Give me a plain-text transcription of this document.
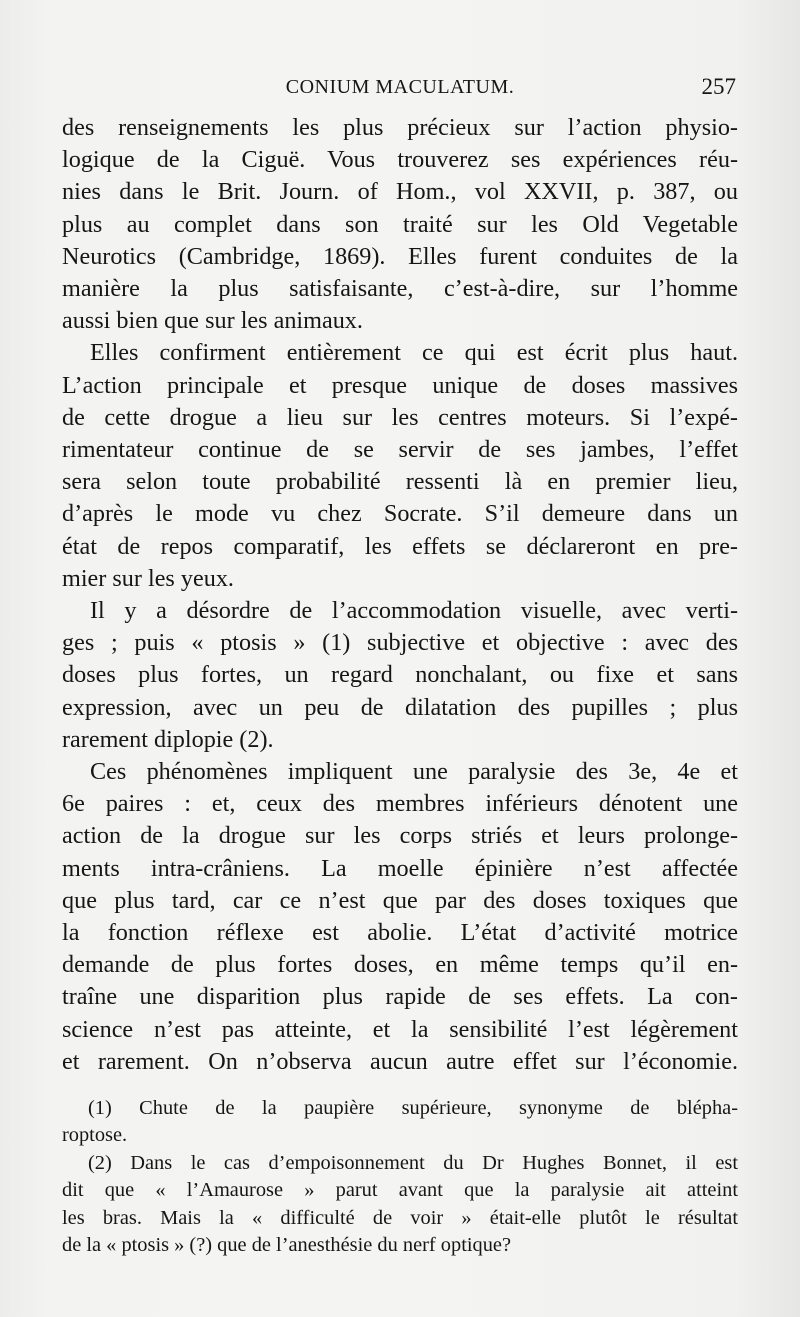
CONIUM MACULATUM.	257
des renseignements les plus précieux sur l’action physio-
logique de la Ciguë. Vous trouverez ses expériences réu-
nies dans le Brit. Journ. of Hom., vol XXVII, p. 387, ou
plus au complet dans son traité sur les Old Vegetable
Neurotics (Cambridge, 1869). Elles furent conduites de la
manière la plus satisfaisante, c’est-à-dire, sur l’homme
aussi bien que sur les animaux.
Elles confirment entièrement ce qui est écrit plus haut.
L’action principale et presque unique de doses massives
de cette drogue a lieu sur les centres moteurs. Si l’expé-
rimentateur continue de se servir de ses jambes, l’effet
sera selon toute probabilité ressenti là en premier lieu,
d’après le mode vu chez Socrate. S’il demeure dans un
état de repos comparatif, les effets se déclareront en pre-
mier sur les yeux.
Il y a désordre de l’accommodation visuelle, avec verti-
ges ; puis « ptosis » (1) subjective et objective : avec des
doses plus fortes, un regard nonchalant, ou fixe et sans
expression, avec un peu de dilatation des pupilles ; plus
rarement diplopie (2).
Ces phénomènes impliquent une paralysie des 3e, 4e et
6e paires : et, ceux des membres inférieurs dénotent une
action de la drogue sur les corps striés et leurs prolonge-
ments intra-crâniens. La moelle épinière n’est affectée
que plus tard, car ce n’est que par des doses toxiques que
la fonction réflexe est abolie. L’état d’activité motrice
demande de plus fortes doses, en même temps qu’il en-
traîne une disparition plus rapide de ses effets. La con-
science n’est pas atteinte, et la sensibilité l’est légèrement
et rarement. On n’observa aucun autre effet sur l’économie.
(1) Chute de la paupière supérieure, synonyme de blépha-
roptose.
(2) Dans le cas d’empoisonnement du Dr Hughes Bonnet, il est
dit que « l’Amaurose » parut avant que la paralysie ait atteint
les bras. Mais la « difficulté de voir » était-elle plutôt le résultat
de la « ptosis » (?) que de l’anesthésie du nerf optique?
